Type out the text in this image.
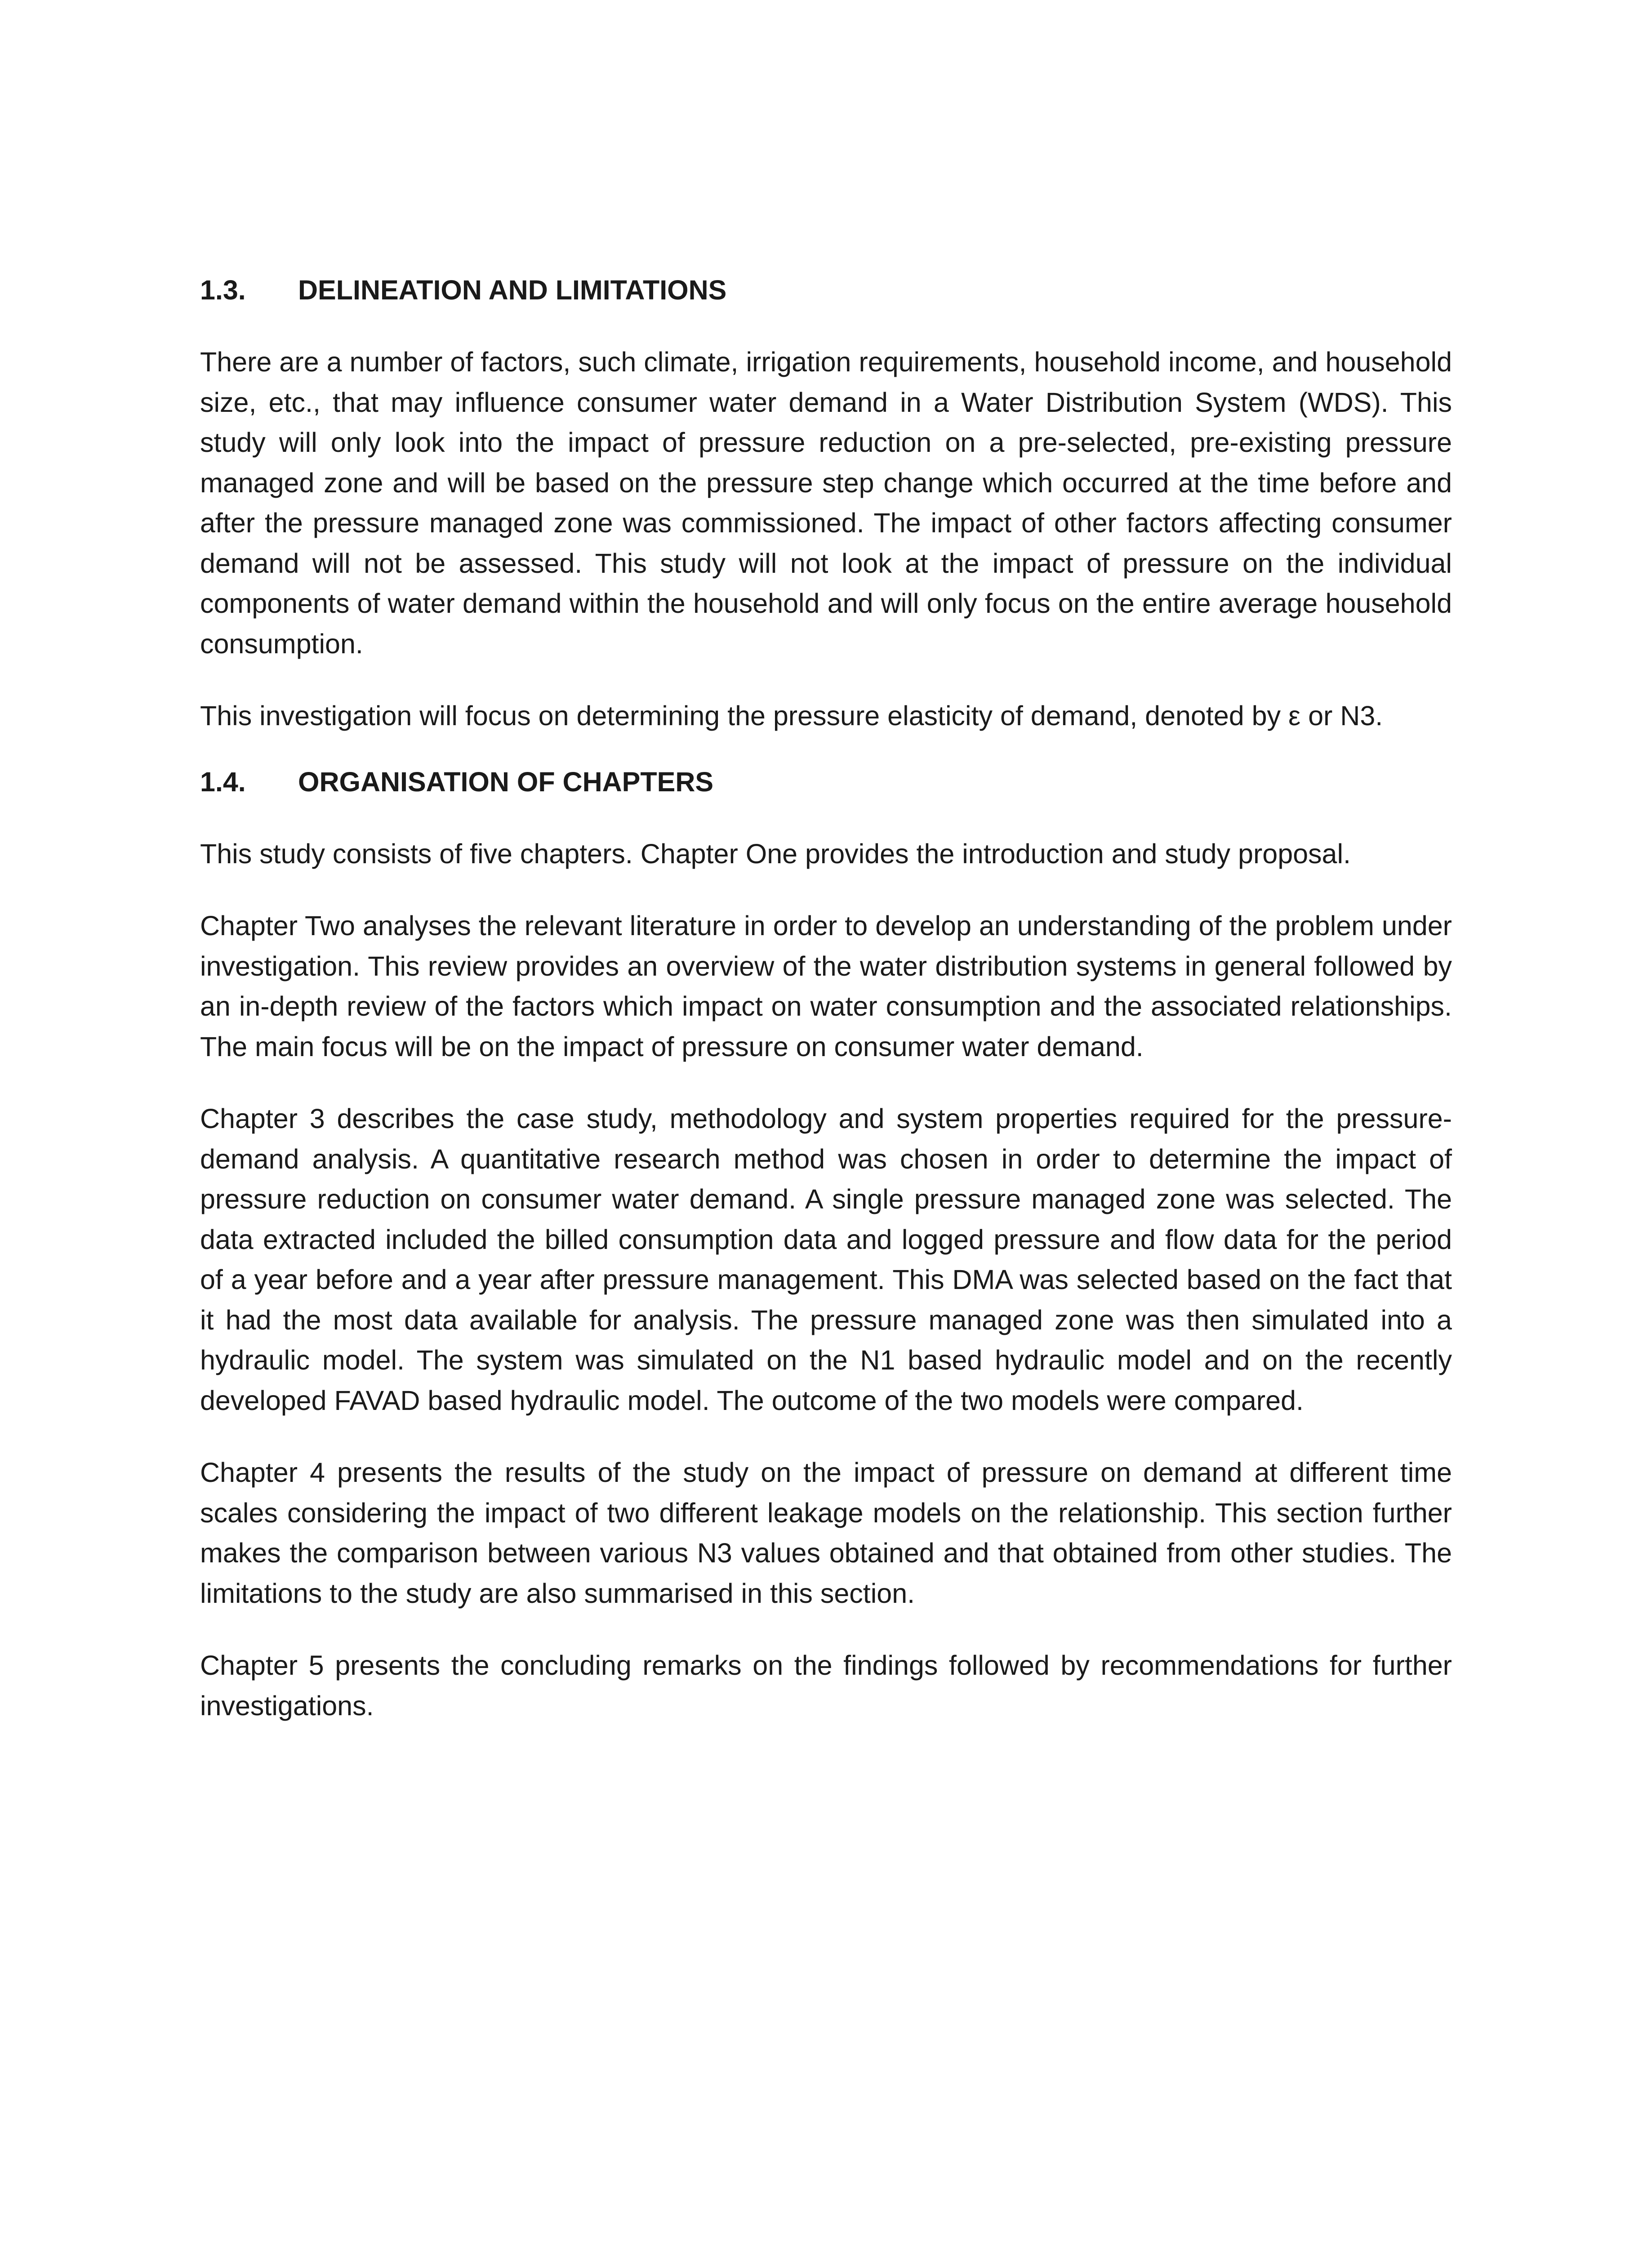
1.3.	DELINEATION AND LIMITATIONS

There are a number of factors, such climate, irrigation requirements, household income, and household size, etc., that may influence consumer water demand in a Water Distribution System (WDS). This study will only look into the impact of pressure reduction on a pre-selected, pre-existing pressure managed zone and will be based on the pressure step change which occurred at the time before and after the pressure managed zone was commissioned. The impact of other factors affecting consumer demand will not be assessed. This study will not look at the impact of pressure on the individual components of water demand within the household and will only focus on the entire average household consumption.

This investigation will focus on determining the pressure elasticity of demand, denoted by ε or N3.

1.4.	ORGANISATION OF CHAPTERS

This study consists of five chapters. Chapter One provides the introduction and study proposal.

Chapter Two analyses the relevant literature in order to develop an understanding of the problem under investigation. This review provides an overview of the water distribution systems in general followed by an in-depth review of the factors which impact on water consumption and the associated relationships. The main focus will be on the impact of pressure on consumer water demand.

Chapter 3 describes the case study, methodology and system properties required for the pressure-demand analysis. A quantitative research method was chosen in order to determine the impact of pressure reduction on consumer water demand. A single pressure managed zone was selected. The data extracted included the billed consumption data and logged pressure and flow data for the period of a year before and a year after pressure management. This DMA was selected based on the fact that it had the most data available for analysis. The pressure managed zone was then simulated into a hydraulic model. The system was simulated on the N1 based hydraulic model and on the recently developed FAVAD based hydraulic model. The outcome of the two models were compared.

Chapter 4 presents the results of the study on the impact of pressure on demand at different time scales considering the impact of two different leakage models on the relationship. This section further makes the comparison between various N3 values obtained and that obtained from other studies. The limitations to the study are also summarised in this section.

Chapter 5 presents the concluding remarks on the findings followed by recommendations for further investigations.
